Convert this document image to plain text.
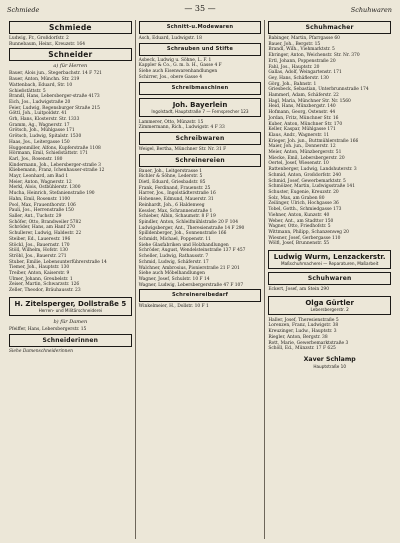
Schmiede	— 35 —	Schuhwaren
Schmiede
Ludwig, Fr., Großdorfstr. 2
Runnebaum, Heinr., Kreuzstr. 164
Schneider
a) für Herren
Bauer, Alois jun., Stegerbachstr. 14 F 721
Bauer, Anton, Münchn. Str. 219
Wattenbach, Eduard, Str. 10
Schießstättstr. 5
Brandl, Hans, Lebersberger-straße 4173
Eich, Jos., Ludwigstraße 20
Feier, Ludwig, Regensburger Straße 215
Göttl, Joh., Luitpoldstr. 41
Grh, Hans, Klosterstr. Str. 1333
Gramm, Ag., Wagnerstr. 17
Grötsch, Joh., Mühlgasse 171
Grötsch, Ludwig, Spitalstr. 1530
Haas, Jos., Leitergasse 150
Huggenmiller, Alfons, Kupferstraße 1108
Hörmann, Emil, Schießstättstr. 171
Karl, Jos., Rosenstr. 180
Kindermann, Joh., Lebersberger-straße 3
Kliebemann, Franz, Ichenhauser-straße 12
Mayr, Leonhard, am Bad 1
Meier, Anton, Wagnerstr. 12
Merkl, Alois, Ostbühlerstr. 1300
Mucha, Heinrich, Stefanienstraße 190
Hahn, Emil, Rosenstr. 1100
Pool, Max, Frauenthorstr. 106
Pauli, Jos., Herrenstraße 150
Saller, Ant., Tuchstr. 29
Schöfer, Otto, Brandweiler 5782
Schröder, Hans, am Hanf 270
Schullerer, Ludwig, Haldestr. 22
Steiber, Ed., Lauerestr. 196
Stöckl, Jos., Bauernstr. 170
Stöll, Wilhelm, Hofstr. 130
Ströbl, Jos., Bauerstr. 271
Stuber, Emilie, Lebensunterführerstraße 14
Tiemer, Joh., Hauptstr. 130
Treiber, Anton, Kaiserstr. 9
Ulmer, Johann, Greubelstr. 1
Zeiser, Martin, Schwarzstr. 126
Zeller, Theodor, Bräuhausstr. 23
H. Zitelsperger, Dollstraße 5
Herren- und Militärschneiderei
b) für Damen
Pfeiffer, Hans, Lebersbergerstr. 15
Schneiderinnen
Siehe Damenschneiderinnen
Schnitt-u.Modewaren
Asch, Eduard, Ludwigstr. 18
Schrauben und Stifte
Asbeck, Ludwig u. Söhne, L. F. 1
Kappler & Co., G. m. b. H., Gasse 4 F
Siehe auch Eisenwarenhandlungen
Schirrer, Jos., obere Gasse 4
Schreibmaschinen
Joh. Bayerlein
Ingolstadt, Hauptstraße 7 — Fernsprecher 123
Lammerer, Otto, Münzstr. 15
Zimmermann, Rich., Ludwigstr. 4 F 33
Schreibwaren
Weigel, Bertha, Münchner Str. Nr. 31 F
Schreinereien
Bauer, Joh., Leitgerstrasse 1
Bichler & Söhne, Lederstr. 5
Dietl, Eduard, Griesbadstr. 85
Frank, Ferdinand, Frauenstr. 25
Harrer, Jos., Ingolstädterstraße 16
Hohensee, Edmund, Mauerstr. 31
Reinhardt, Joh., 6 Haldenweg
Kessler, Max, Schrannenstraße 1
Schieber, Albin, Schaumstr. 8 F 19
Spindler, Anton, Schleifmühlstraße 20 F 104
Ludwigsberger, Ant., Theresienstraße 14 F 290
Spilldenberger, Joh., Sonnenstraße 166
Schmidt, Michael, Poppenstr. 11
Siehe Glasfabriken und Holzhandlungen
Schröder, August, Wendelsteinstraße 137 F 457
Scheller, Ludwig, Rathausstr. 7
Schmid, Ludwig, Schäferstr. 17
Walchner, Ambrosius, Pionierstraße 21 F 201
Siehe auch Möbelhandlungen
Wagner, Josef, Schulstr. 10 F 14
Wagner, Ludwig, Lebersbergerstraße 47 F 107
Schreinereibedarf
Winkelmeier, H., Dollstr. 10 F 1
Schuhmacher
Babinger, Martin, Pfarrgasse 60
Bauer, Joh., Bergstr. 15
Brandl, Wilh., Viehmarktstr. 5
Ebringer, Anton, Weichenstr. Str. Nr. 370
Ertl, Johann, Poppenstraße 20
Fahl, Jos., Hauptstr. 20
Gallas, Adolf, Weingartenstr. 171
Gey, Hans, Schäflerstr. 130
Görg, Joh., Bahnstr. 1
Griesbeck, Sebastian, Unterbrunnstraße 174
Hammerl, Adam, Schäferstr. 22
Hagl, Maria, Münchner Str. Nr. 1560
Heid, Hans, Münzbergstr. 140
Hofmann, Georg, Ostenstr. 44
Jordan, Fritz, Münchner Str. 16
Kuber, Anton, Münchner Str. 170
Keller, Kaspar, Mühlgasse 171
Klaus, Andr., Wagnerstr. 11
Krieger, Joh. jun., Buttmühlerstraße 166
Maier, Joh. jun., Donnerstr. 12
Meier, Anton, Münzbergerstr. 51
Miecke, Emil, Lebersbergerstr. 20
Oertel, Josef, Wiesenstr. 10
Rattenberger, Ludwig, Landshuterstr. 3
Schmid, Anton, Großdorfstr. 240
Schmid, Josef, Gewerbemarktstr. 5
Schmölzer, Martin, Ludwigsstraße 141
Schuster, Eugenie, Kreuzstr. 20
Solz, Max, am Graben 80
Zeilinger, Ulrich, Hochgasse 36
Tobel, Gotth., Schmiedgasse 173
Viehner, Anton, Kunzstr. 40
Weber, Ant., am Stadttor 150
Wagner, Otto, Friedhofstr. 5
Wittmann, Philipp, Schanzenweg 20
Wiesner, Josef, Gerbergasse 110
Wölfl, Josef, Brunnenstr. 55
Ludwig Wurm, Lenzackerstr.
Maßschuhmacherei — Reparaturen, Maßarbeit
Schuhwaren
Eckert, Josef, am Stein 290
Olga Gürtler
Lebersbergerstr. 2
Haller, Josef, Theresienstraße 5
Lorenzen, Franz, Ludwigstr. 38
Kreuzinger, Ludw., Hauptstr. 3
Riegler, Anton, Bergstr. 38
Rott, Marie, Gewerbemarktstraße 3
Schöll, Ed., Münzstr. 17 F 625
Xaver Schlamp
Hauptstraße 10
